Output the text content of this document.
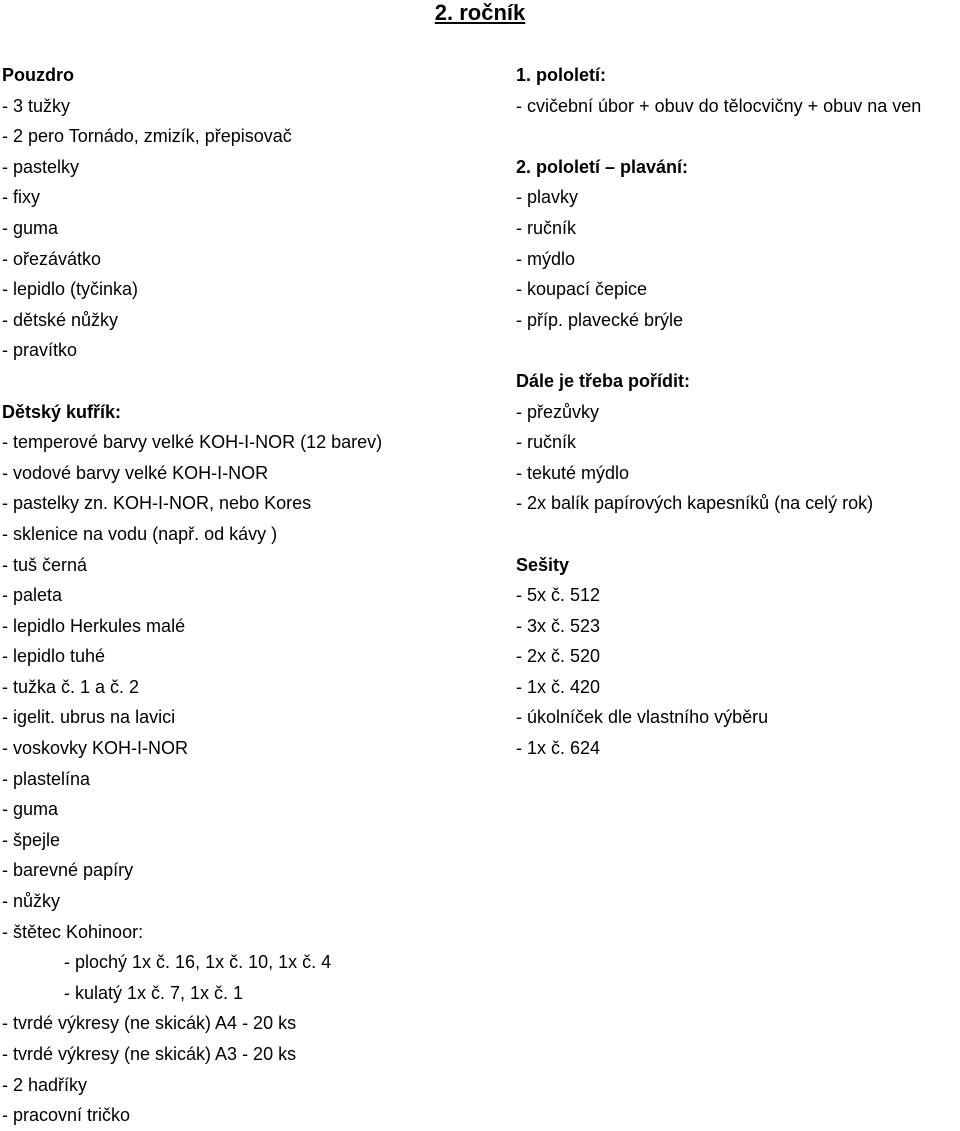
2. ročník
Pouzdro
- 3 tužky
- 2 pero Tornádo, zmizík, přepisovač
- pastelky
- fixy
- guma
- ořezávátko
- lepidlo (tyčinka)
- dětské nůžky
- pravítko
Dětský kufřík:
- temperové barvy velké KOH-I-NOR (12 barev)
- vodové barvy velké KOH-I-NOR
- pastelky zn. KOH-I-NOR, nebo Kores
- sklenice na vodu (např. od kávy )
- tuš černá
- paleta
- lepidlo Herkules malé
- lepidlo tuhé
- tužka č. 1 a č. 2
- igelit. ubrus na lavici
- voskovky KOH-I-NOR
- plastelína
- guma
- špejle
- barevné papíry
- nůžky
- štětec Kohinoor:
- plochý 1x č. 16, 1x č. 10, 1x č. 4
- kulatý 1x č. 7, 1x č. 1
- tvrdé výkresy (ne skicák) A4 - 20 ks
- tvrdé výkresy (ne skicák) A3 - 20 ks
- 2 hadříky
- pracovní tričko
1. pololetí:
- cvičební úbor + obuv do tělocvičny + obuv na ven
2. pololetí – plavání:
- plavky
- ručník
- mýdlo
- koupací čepice
- příp. plavecké brýle
Dále je třeba pořídit:
- přezůvky
- ručník
- tekuté mýdlo
- 2x balík papírových kapesníků (na celý rok)
Sešity
- 5x č. 512
- 3x č. 523
- 2x č. 520
- 1x č. 420
- úkolníček dle vlastního výběru
- 1x č. 624
